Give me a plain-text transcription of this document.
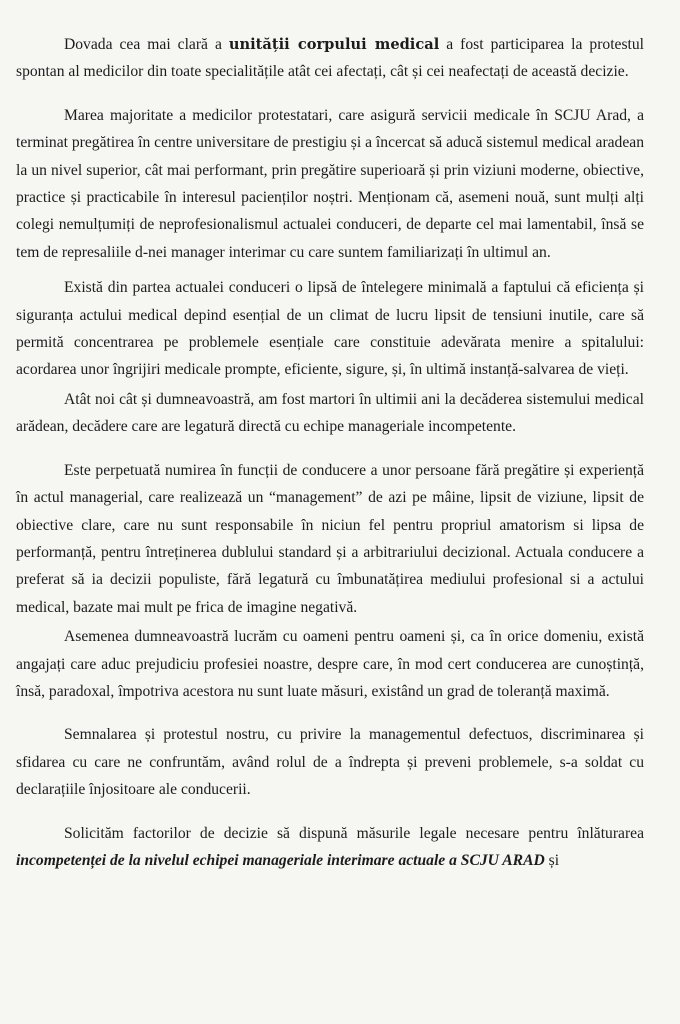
Dovada cea mai clară a unității corpului medical a fost participarea la protestul spontan al medicilor din toate specialitățile atât cei afectați, cât și cei neafectați de această decizie.

Marea majoritate a medicilor protestatari, care asigură servicii medicale în SCJU Arad, a terminat pregătirea în centre universitare de prestigiu și a încercat să aducă sistemul medical aradean la un nivel superior, cât mai performant, prin pregătire superioară și prin viziuni moderne, obiective, practice și practicabile în interesul pacienților noștri. Menționam că, asemeni nouă, sunt mulți alți colegi nemulțumiți de neprofesionalismul actualei conduceri, de departe cel mai lamentabil, însă se tem de represaliile d-nei manager interimar cu care suntem familiarizați în ultimul an.

Există din partea actualei conduceri o lipsă de întelegere minimală a faptului că eficiența și siguranța actului medical depind esențial de un climat de lucru lipsit de tensiuni inutile, care să permită concentrarea pe problemele esențiale care constituie adevărata menire a spitalului: acordarea unor îngrijiri medicale prompte, eficiente, sigure, și, în ultimă instanță-salvarea de vieți.

Atât noi cât și dumneavoastră, am fost martori în ultimii ani la decăderea sistemului medical arădean, decădere care are legatură directă cu echipe manageriale incompetente.

Este perpetuată numirea în funcții de conducere a unor persoane fără pregătire și experiență în actul managerial, care realizează un “management” de azi pe mâine, lipsit de viziune, lipsit de obiective clare, care nu sunt responsabile în niciun fel pentru propriul amatorism si lipsa de performanță, pentru întreținerea dublului standard și a arbitrariului decizional. Actuala conducere a preferat să ia decizii populiste, fără legatură cu îmbunatățirea mediului profesional si a actului medical, bazate mai mult pe frica de imagine negativă.

Asemenea dumneavoastră lucrăm cu oameni pentru oameni și, ca în orice domeniu, există angajați care aduc prejudiciu profesiei noastre, despre care, în mod cert conducerea are cunoștință, însă, paradoxal, împotriva acestora nu sunt luate măsuri, existând un grad de toleranță maximă.

Semnalarea și protestul nostru, cu privire la managementul defectuos, discriminarea și sfidarea cu care ne confruntăm, având rolul de a îndrepta și preveni problemele, s-a soldat cu declarațiile înjositoare ale conducerii.

Solicităm factorilor de decizie să dispună măsurile legale necesare pentru înlăturarea incompetenței de la nivelul echipei manageriale interimare actuale a SCJU ARAD și
